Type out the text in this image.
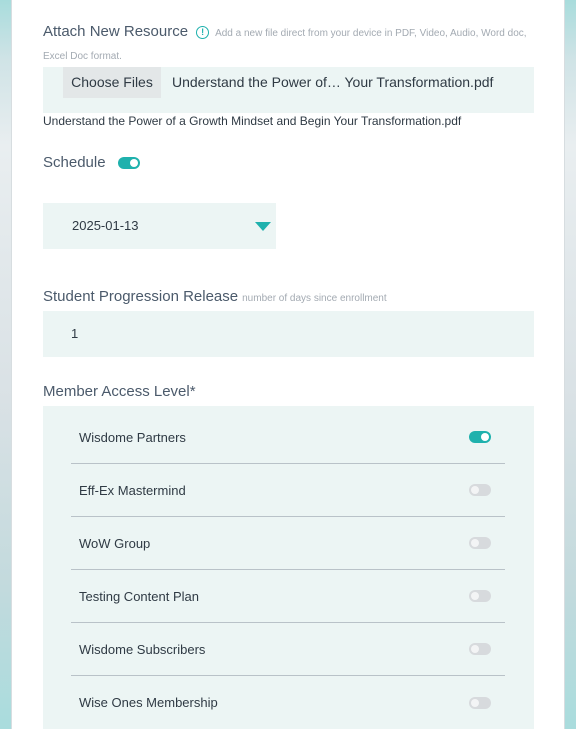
Attach New Resource ! Add a new file direct from your device in PDF, Video, Audio, Word doc, Excel Doc format.
Choose Files	Understand the Power of… Your Transformation.pdf
Understand the Power of a Growth Mindset and Begin Your Transformation.pdf
Schedule
2025-01-13
Student Progression Release number of days since enrollment
1
Member Access Level*
Wisdome Partners
Eff-Ex Mastermind
WoW Group
Testing Content Plan
Wisdome Subscribers
Wise Ones Membership
